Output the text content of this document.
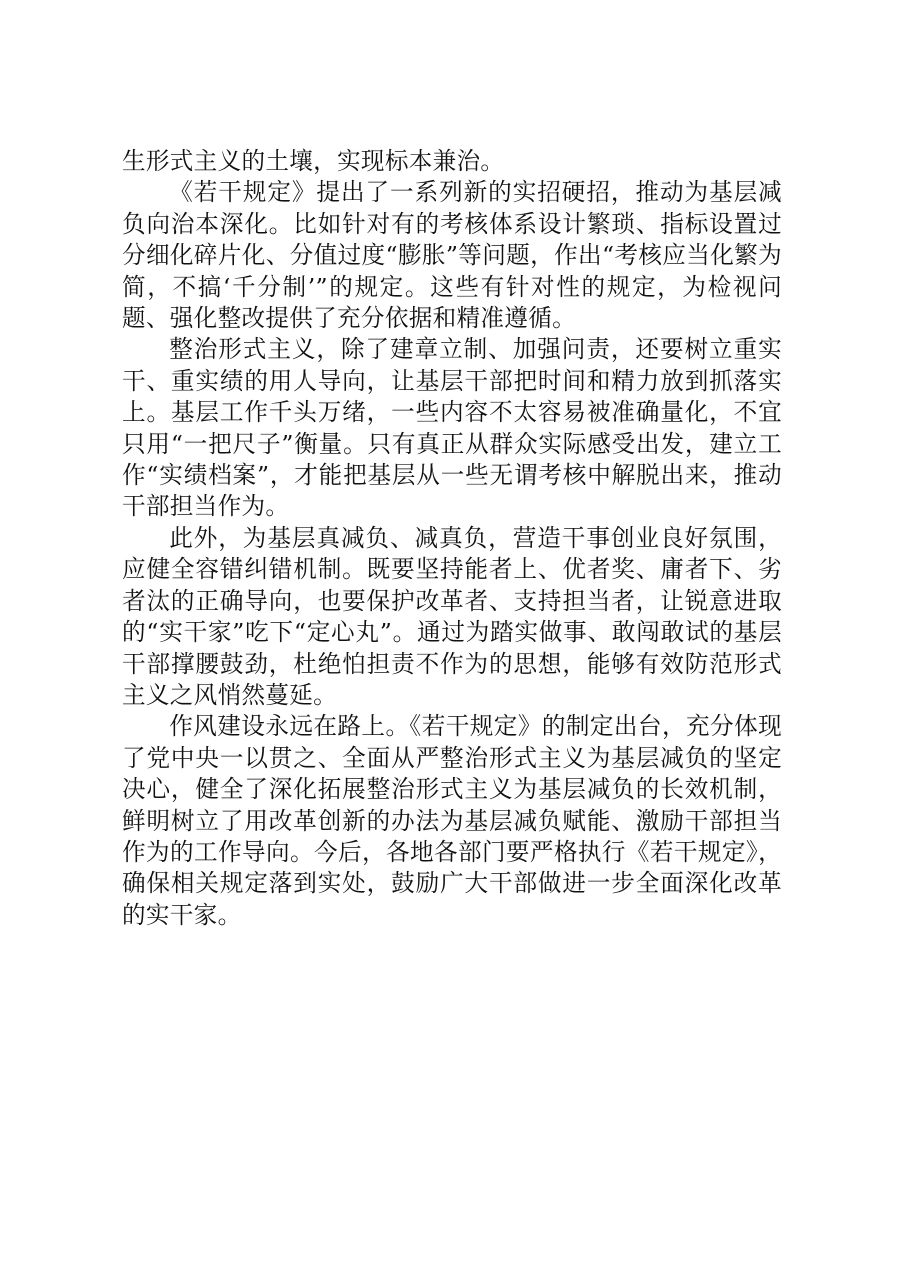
生形式主义的土壤，实现标本兼治。

《若干规定》提出了一系列新的实招硬招，推动为基层减负向治本深化。比如针对有的考核体系设计繁琐、指标设置过分细化碎片化、分值过度“膨胀”等问题，作出“考核应当化繁为简，不搞‘千分制’”的规定。这些有针对性的规定，为检视问题、强化整改提供了充分依据和精准遵循。

整治形式主义，除了建章立制、加强问责，还要树立重实干、重实绩的用人导向，让基层干部把时间和精力放到抓落实上。基层工作千头万绪，一些内容不太容易被准确量化，不宜只用“一把尺子”衡量。只有真正从群众实际感受出发，建立工作“实绩档案”，才能把基层从一些无谓考核中解脱出来，推动干部担当作为。

此外，为基层真减负、减真负，营造干事创业良好氛围，应健全容错纠错机制。既要坚持能者上、优者奖、庸者下、劣者汰的正确导向，也要保护改革者、支持担当者，让锐意进取的“实干家”吃下“定心丸”。通过为踏实做事、敢闯敢试的基层干部撑腰鼓劲，杜绝怕担责不作为的思想，能够有效防范形式主义之风悄然蔓延。

作风建设永远在路上。《若干规定》的制定出台，充分体现了党中央一以贯之、全面从严整治形式主义为基层减负的坚定决心，健全了深化拓展整治形式主义为基层减负的长效机制，鲜明树立了用改革创新的办法为基层减负赋能、激励干部担当作为的工作导向。今后，各地各部门要严格执行《若干规定》，确保相关规定落到实处，鼓励广大干部做进一步全面深化改革的实干家。
